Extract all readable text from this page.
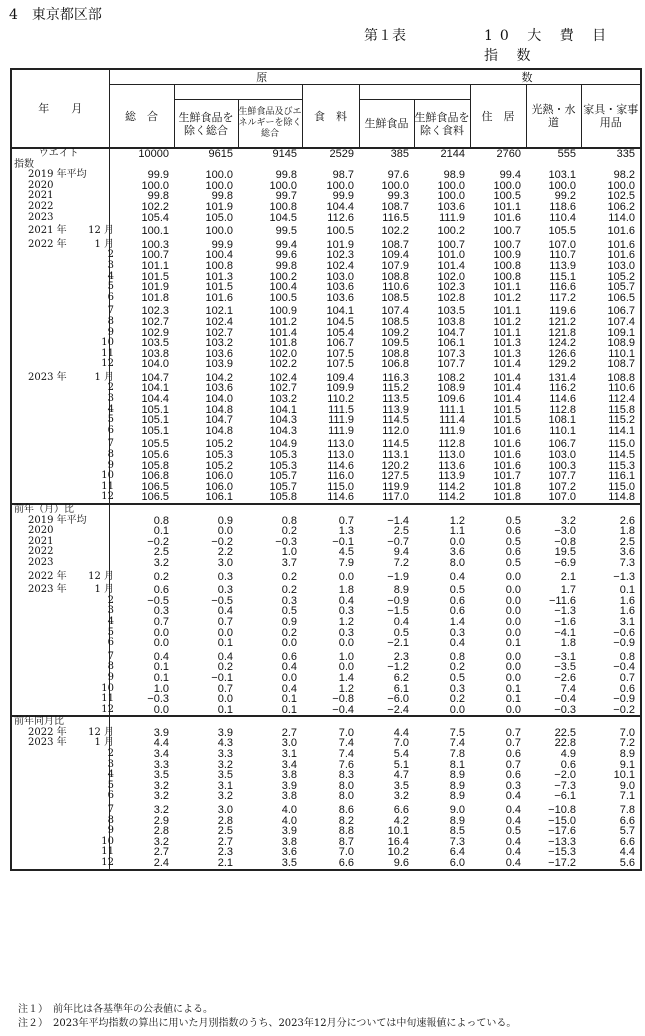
4　東京都区部
第１表	10 大 費 目 指 数
年　　月	原					数			
	総　合			食　料			住　居	光熱・水道	家具・家事用品
		生鮮食品を除く総合	生鮮食品及びエネルギーを除く総合		生鮮食品	生鮮食品を除く食料			
ウエイト	10000	9615	9145	2529	385	2144	2760	555	335
指数									
2019 年平均	99.9	100.0	99.8	98.7	97.6	98.9	99.4	103.1	98.2
2020	100.0	100.0	100.0	100.0	100.0	100.0	100.0	100.0	100.0
2021	99.8	99.8	99.7	99.9	99.3	100.0	100.5	99.2	102.5
2022	102.2	101.9	100.8	104.4	108.7	103.6	101.1	118.6	106.2
2023	105.4	105.0	104.5	112.6	116.5	111.9	101.6	110.4	114.0
2021 年 12 月	100.1	100.0	99.5	100.5	102.2	100.2	100.7	105.5	101.6
2022 年 1 月	100.3	99.9	99.4	101.9	108.7	100.7	100.7	107.0	101.6
2	100.7	100.4	99.6	102.3	109.4	101.0	100.9	110.7	101.6
3	101.1	100.8	99.8	102.4	107.9	101.4	100.8	113.9	103.0
4	101.5	101.3	100.2	103.0	108.8	102.0	100.8	115.1	105.2
5	101.9	101.5	100.4	103.6	110.6	102.3	101.1	116.6	105.7
6	101.8	101.6	100.5	103.6	108.5	102.8	101.2	117.2	106.5
7	102.3	102.1	100.9	104.1	107.4	103.5	101.1	119.6	106.7
8	102.7	102.4	101.2	104.5	108.5	103.8	101.2	121.2	107.4
9	102.9	102.7	101.4	105.4	109.2	104.7	101.1	121.8	109.1
10	103.5	103.2	101.8	106.7	109.5	106.1	101.3	124.2	108.9
11	103.8	103.6	102.0	107.5	108.8	107.3	101.3	126.6	110.1
12	104.0	103.9	102.2	107.5	106.8	107.7	101.4	129.2	108.7
2023 年 1 月	104.7	104.2	102.4	109.4	116.3	108.2	101.4	131.4	108.8
2	104.1	103.6	102.7	109.9	115.2	108.9	101.4	116.2	110.6
3	104.4	104.0	103.2	110.2	113.5	109.6	101.4	114.6	112.4
4	105.1	104.8	104.1	111.5	113.9	111.1	101.5	112.8	115.8
5	105.1	104.7	104.3	111.9	114.5	111.4	101.5	108.1	115.2
6	105.1	104.8	104.3	111.9	112.0	111.9	101.6	110.1	114.1
7	105.5	105.2	104.9	113.0	114.5	112.8	101.6	106.7	115.0
8	105.6	105.3	105.3	113.0	113.1	113.0	101.6	103.0	114.5
9	105.8	105.2	105.3	114.6	120.2	113.6	101.6	100.3	115.3
10	106.8	106.0	105.7	116.0	127.5	113.9	101.7	107.7	116.1
11	106.5	106.0	105.7	115.0	119.9	114.2	101.8	107.2	115.0
12	106.5	106.1	105.8	114.6	117.0	114.2	101.8	107.0	114.8
前年（月）比									
2019 年平均	0.8	0.9	0.8	0.7	−1.4	1.2	0.5	3.2	2.6
2020	0.1	0.0	0.2	1.3	2.5	1.1	0.6	−3.0	1.8
2021	−0.2	−0.2	−0.3	−0.1	−0.7	0.0	0.5	−0.8	2.5
2022	2.5	2.2	1.0	4.5	9.4	3.6	0.6	19.5	3.6
2023	3.2	3.0	3.7	7.9	7.2	8.0	0.5	−6.9	7.3
2022 年 12 月	0.2	0.3	0.2	0.0	−1.9	0.4	0.0	2.1	−1.3
2023 年 1 月	0.6	0.3	0.2	1.8	8.9	0.5	0.0	1.7	0.1
2	−0.5	−0.5	0.3	0.4	−0.9	0.6	0.0	−11.6	1.6
3	0.3	0.4	0.5	0.3	−1.5	0.6	0.0	−1.3	1.6
4	0.7	0.7	0.9	1.2	0.4	1.4	0.0	−1.6	3.1
5	0.0	0.0	0.2	0.3	0.5	0.3	0.0	−4.1	−0.6
6	0.0	0.1	0.0	0.0	−2.1	0.4	0.1	1.8	−0.9
7	0.4	0.4	0.6	1.0	2.3	0.8	0.0	−3.1	0.8
8	0.1	0.2	0.4	0.0	−1.2	0.2	0.0	−3.5	−0.4
9	0.1	−0.1	0.0	1.4	6.2	0.5	0.0	−2.6	0.7
10	1.0	0.7	0.4	1.2	6.1	0.3	0.1	7.4	0.6
11	−0.3	0.0	0.1	−0.8	−6.0	0.2	0.1	−0.4	−0.9
12	0.0	0.1	0.1	−0.4	−2.4	0.0	0.0	−0.3	−0.2
前年同月比									
2022 年 12 月	3.9	3.9	2.7	7.0	4.4	7.5	0.7	22.5	7.0
2023 年 1 月	4.4	4.3	3.0	7.4	7.0	7.4	0.7	22.8	7.2
2	3.4	3.3	3.1	7.4	5.4	7.8	0.6	4.9	8.9
3	3.3	3.2	3.4	7.6	5.1	8.1	0.7	0.6	9.1
4	3.5	3.5	3.8	8.3	4.7	8.9	0.6	−2.0	10.1
5	3.2	3.1	3.9	8.0	3.5	8.9	0.3	−7.3	9.0
6	3.2	3.2	3.8	8.0	3.2	8.9	0.4	−6.1	7.1
7	3.2	3.0	4.0	8.6	6.6	9.0	0.4	−10.8	7.8
8	2.9	2.8	4.0	8.2	4.2	8.9	0.4	−15.0	6.6
9	2.8	2.5	3.9	8.8	10.1	8.5	0.5	−17.6	5.7
10	3.2	2.7	3.8	8.7	16.4	7.3	0.4	−13.3	6.6
11	2.7	2.3	3.6	7.0	10.2	6.4	0.4	−15.3	4.4
12	2.4	2.1	3.5	6.6	9.6	6.0	0.4	−17.2	5.6
注１）　前年比は各基準年の公表値による。
注２）　2023年平均指数の算出に用いた月別指数のうち、2023年12月分については中旬速報値によっている。
